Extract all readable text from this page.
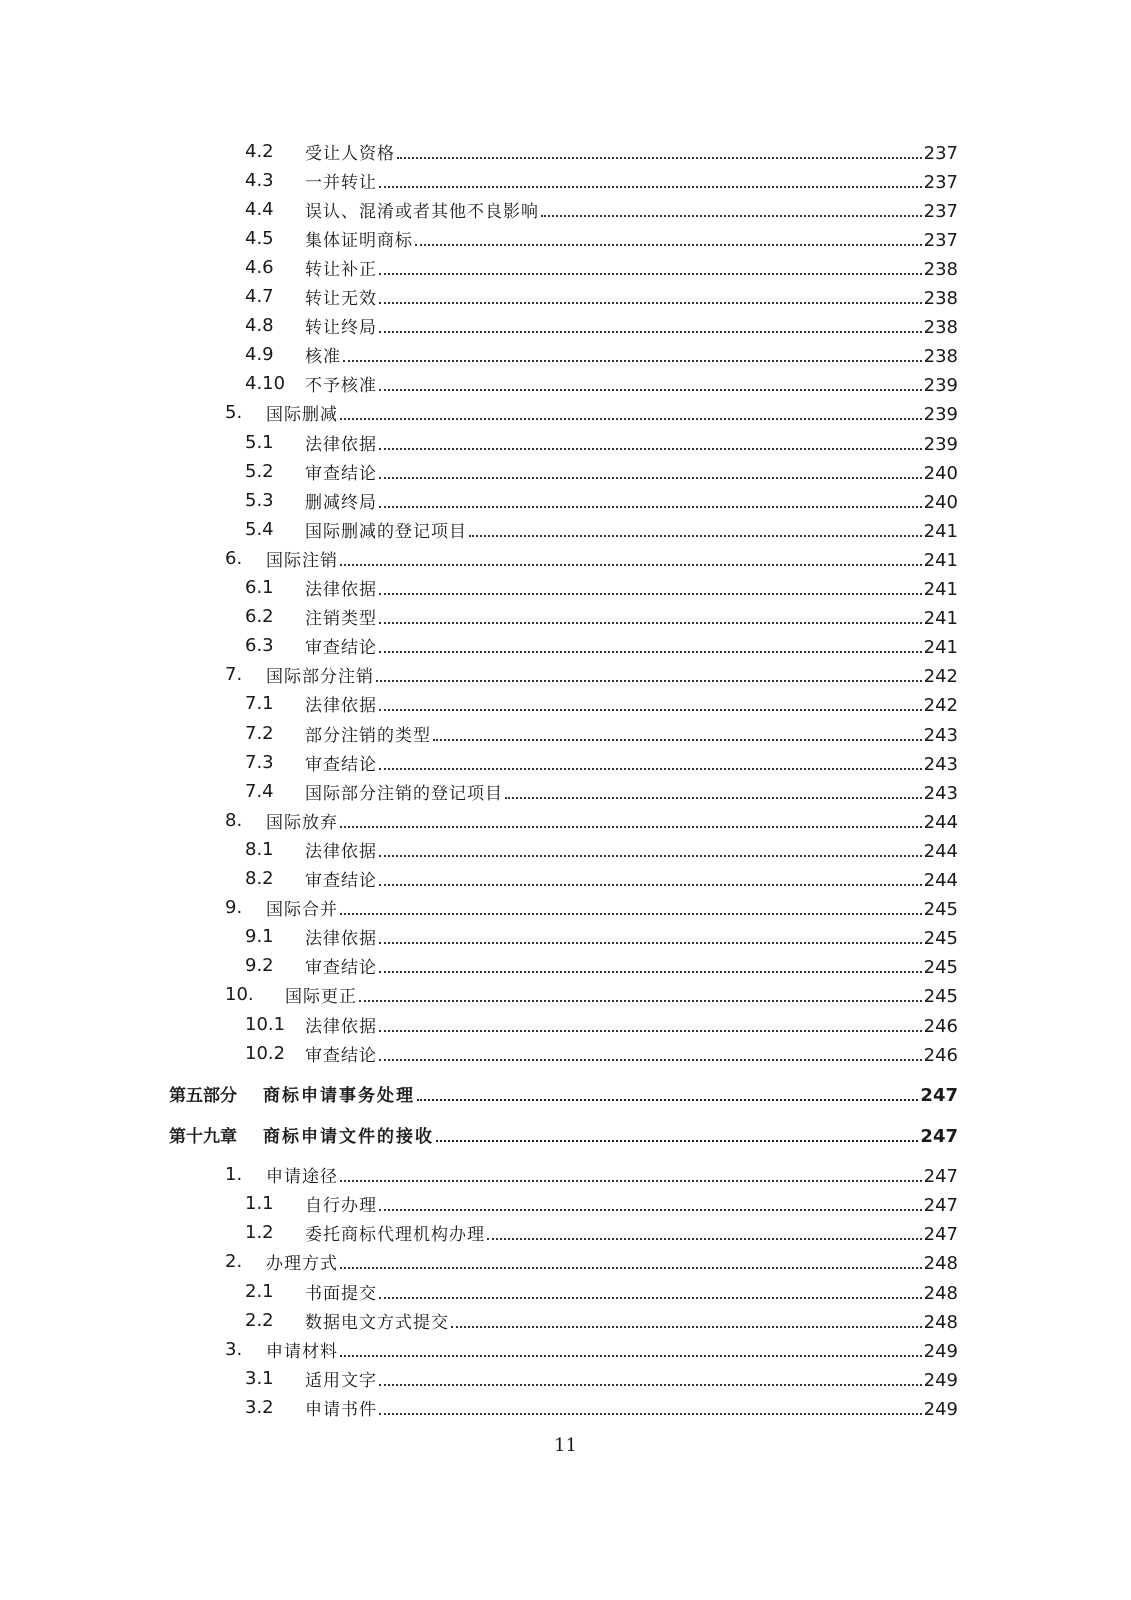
4.2 受让人资格	237
4.3 一并转让	237
4.4 误认、混淆或者其他不良影响	237
4.5 集体证明商标	237
4.6 转让补正	238
4.7 转让无效	238
4.8 转让终局	238
4.9 核准	238
4.10 不予核准	239
5. 国际删减	239
5.1 法律依据	239
5.2 审查结论	240
5.3 删减终局	240
5.4 国际删减的登记项目	241
6. 国际注销	241
6.1 法律依据	241
6.2 注销类型	241
6.3 审查结论	241
7. 国际部分注销	242
7.1 法律依据	242
7.2 部分注销的类型	243
7.3 审查结论	243
7.4 国际部分注销的登记项目	243
8. 国际放弃	244
8.1 法律依据	244
8.2 审查结论	244
9. 国际合并	245
9.1 法律依据	245
9.2 审查结论	245
10. 国际更正	245
10.1 法律依据	246
10.2 审查结论	246
第五部分 商标申请事务处理	247
第十九章 商标申请文件的接收	247
1. 申请途径	247
1.1 自行办理	247
1.2 委托商标代理机构办理	247
2. 办理方式	248
2.1 书面提交	248
2.2 数据电文方式提交	248
3. 申请材料	249
3.1 适用文字	249
3.2 申请书件	249
11
